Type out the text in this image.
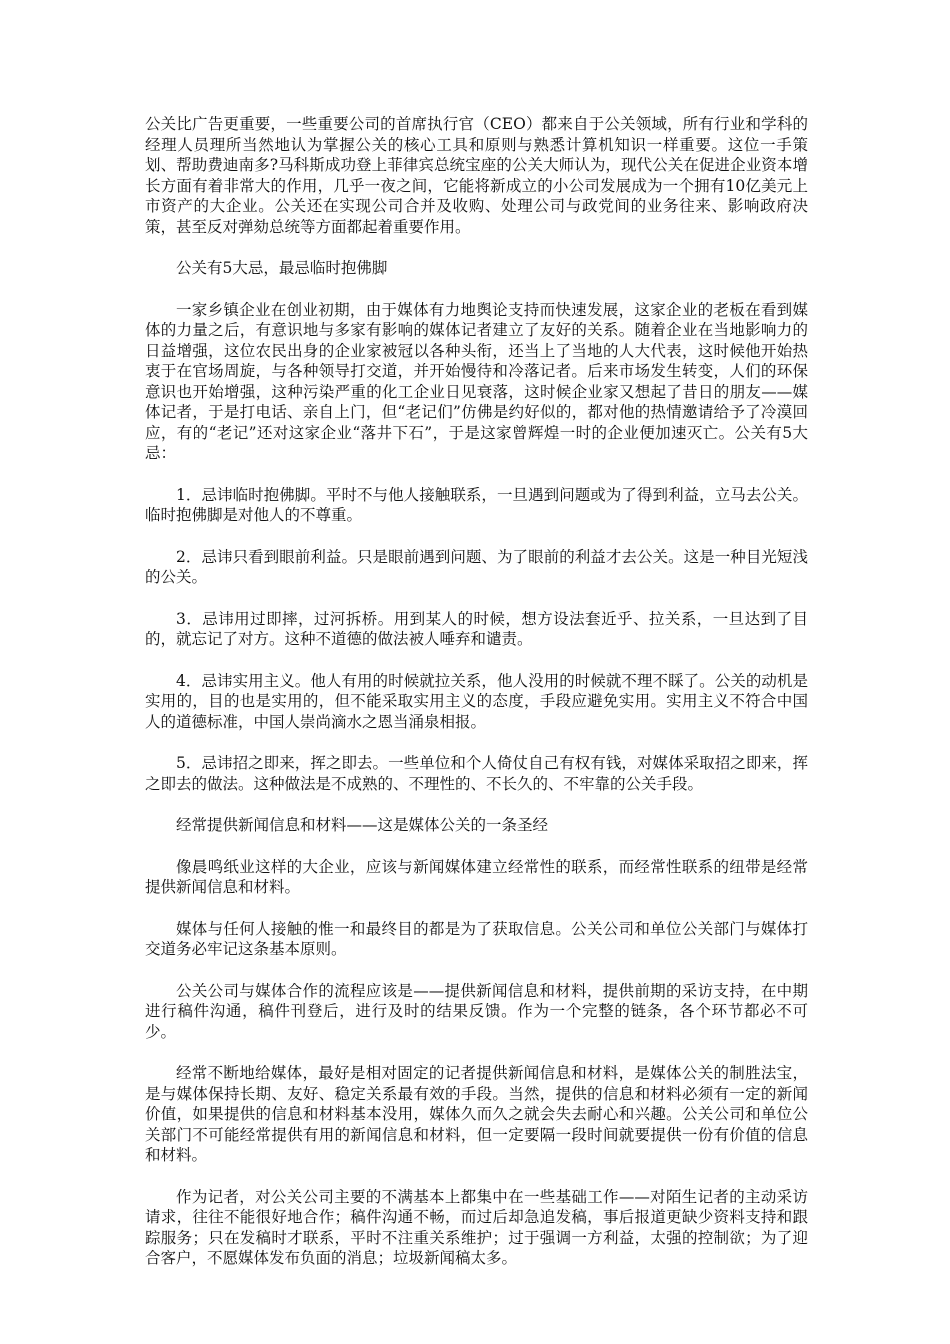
公关比广告更重要，一些重要公司的首席执行官（CEO）都来自于公关领域，所有行业和学科的经理人员理所当然地认为掌握公关的核心工具和原则与熟悉计算机知识一样重要。这位一手策划、帮助费迪南多?马科斯成功登上菲律宾总统宝座的公关大师认为，现代公关在促进企业资本增长方面有着非常大的作用，几乎一夜之间，它能将新成立的小公司发展成为一个拥有10亿美元上市资产的大企业。公关还在实现公司合并及收购、处理公司与政党间的业务往来、影响政府决策，甚至反对弹劾总统等方面都起着重要作用。

公关有5大忌，最忌临时抱佛脚

一家乡镇企业在创业初期，由于媒体有力地舆论支持而快速发展，这家企业的老板在看到媒体的力量之后，有意识地与多家有影响的媒体记者建立了友好的关系。随着企业在当地影响力的日益增强，这位农民出身的企业家被冠以各种头衔，还当上了当地的人大代表，这时候他开始热衷于在官场周旋，与各种领导打交道，并开始慢待和冷落记者。后来市场发生转变，人们的环保意识也开始增强，这种污染严重的化工企业日见衰落，这时候企业家又想起了昔日的朋友——媒体记者，于是打电话、亲自上门，但“老记们”仿佛是约好似的，都对他的热情邀请给予了冷漠回应，有的“老记”还对这家企业“落井下石”，于是这家曾辉煌一时的企业便加速灭亡。公关有5大忌：

1．忌讳临时抱佛脚。平时不与他人接触联系，一旦遇到问题或为了得到利益，立马去公关。临时抱佛脚是对他人的不尊重。

2．忌讳只看到眼前利益。只是眼前遇到问题、为了眼前的利益才去公关。这是一种目光短浅的公关。

3．忌讳用过即摔，过河拆桥。用到某人的时候，想方设法套近乎、拉关系，一旦达到了目的，就忘记了对方。这种不道德的做法被人唾弃和谴责。

4．忌讳实用主义。他人有用的时候就拉关系，他人没用的时候就不理不睬了。公关的动机是实用的，目的也是实用的，但不能采取实用主义的态度，手段应避免实用。实用主义不符合中国人的道德标准，中国人崇尚滴水之恩当涌泉相报。

5．忌讳招之即来，挥之即去。一些单位和个人倚仗自己有权有钱，对媒体采取招之即来，挥之即去的做法。这种做法是不成熟的、不理性的、不长久的、不牢靠的公关手段。

经常提供新闻信息和材料——这是媒体公关的一条圣经

像晨鸣纸业这样的大企业，应该与新闻媒体建立经常性的联系，而经常性联系的纽带是经常提供新闻信息和材料。

媒体与任何人接触的惟一和最终目的都是为了获取信息。公关公司和单位公关部门与媒体打交道务必牢记这条基本原则。

公关公司与媒体合作的流程应该是——提供新闻信息和材料，提供前期的采访支持，在中期进行稿件沟通，稿件刊登后，进行及时的结果反馈。作为一个完整的链条，各个环节都必不可少。

经常不断地给媒体，最好是相对固定的记者提供新闻信息和材料，是媒体公关的制胜法宝，是与媒体保持长期、友好、稳定关系最有效的手段。当然，提供的信息和材料必须有一定的新闻价值，如果提供的信息和材料基本没用，媒体久而久之就会失去耐心和兴趣。公关公司和单位公关部门不可能经常提供有用的新闻信息和材料，但一定要隔一段时间就要提供一份有价值的信息和材料。

作为记者，对公关公司主要的不满基本上都集中在一些基础工作——对陌生记者的主动采访请求，往往不能很好地合作；稿件沟通不畅，而过后却急追发稿，事后报道更缺少资料支持和跟踪服务；只在发稿时才联系，平时不注重关系维护；过于强调一方利益，太强的控制欲；为了迎合客户，不愿媒体发布负面的消息；垃圾新闻稿太多。
